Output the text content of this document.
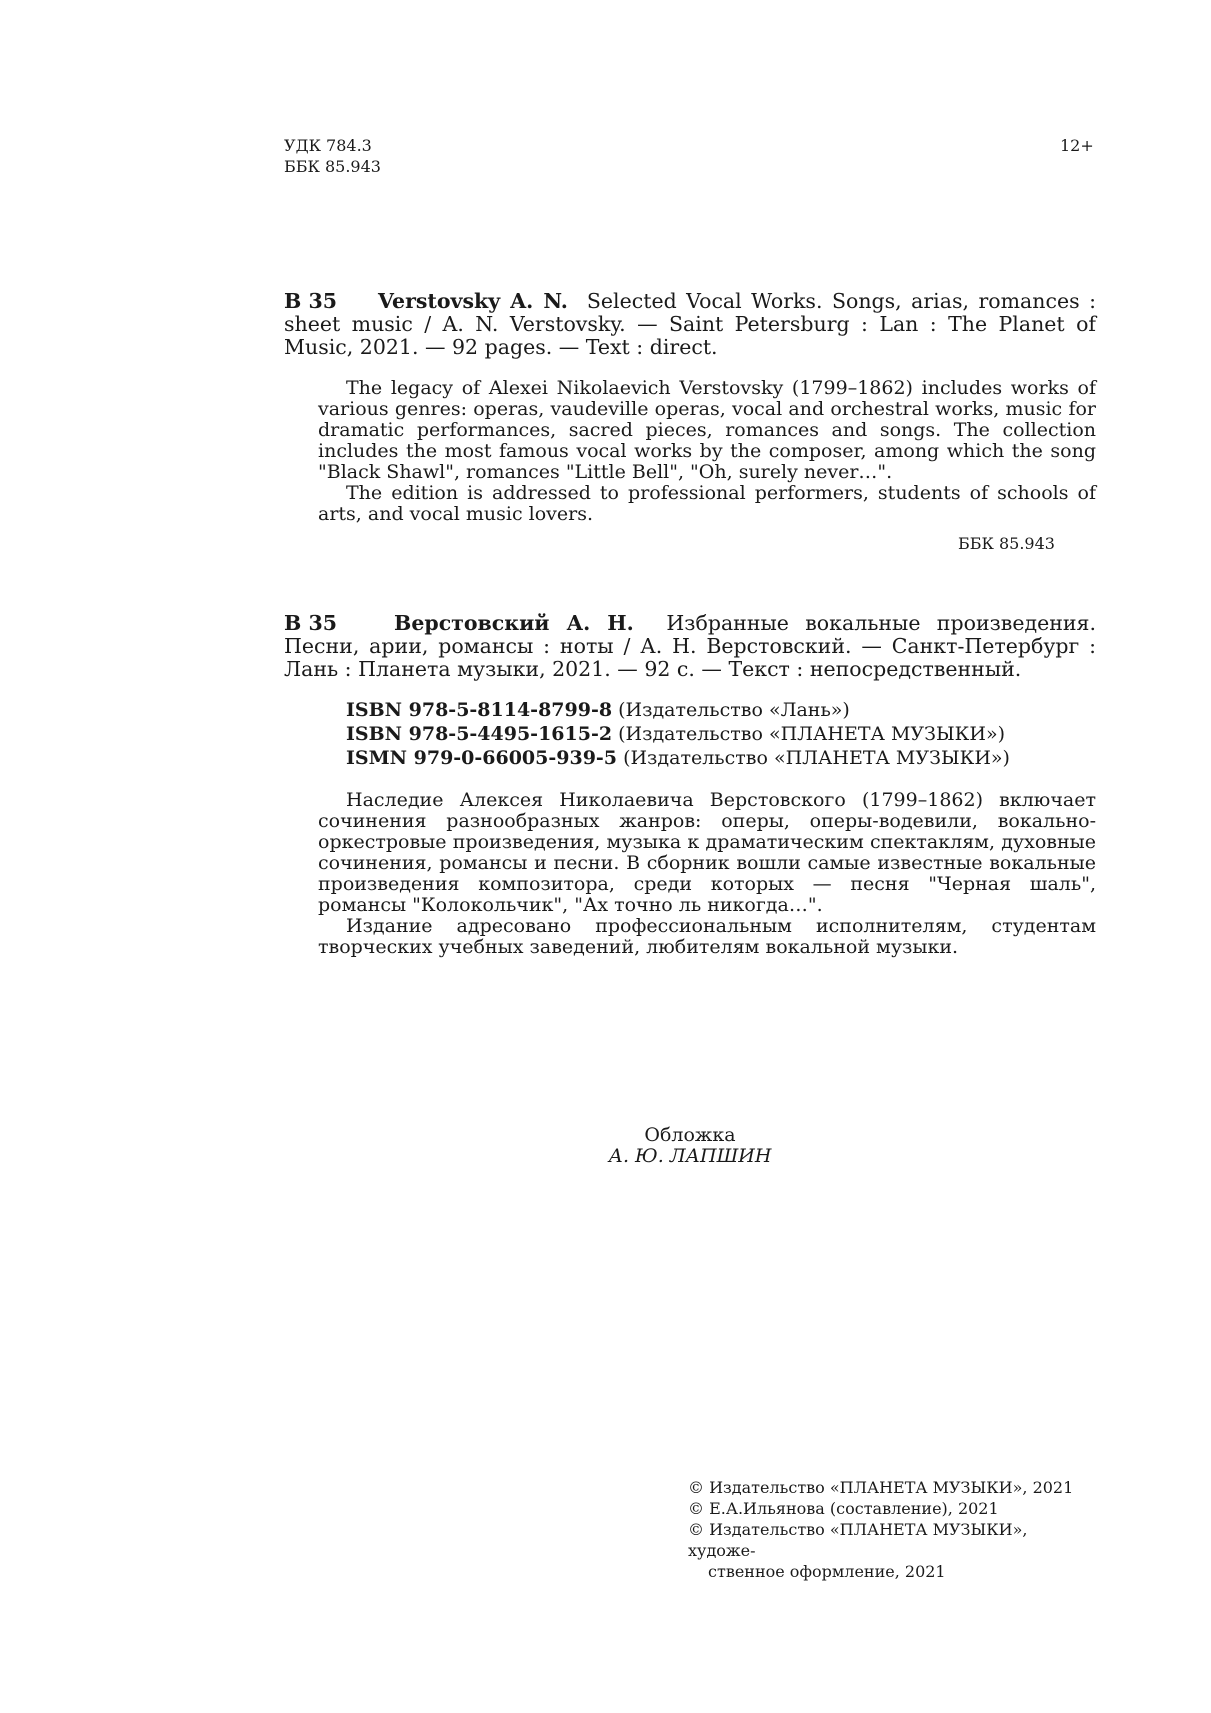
УДК 784.3
ББК 85.943
12+
В 35 Verstovsky A. N. Selected Vocal Works. Songs, arias, romances : sheet music / A. N. Verstovsky. — Saint Petersburg : Lan : The Planet of Music, 2021. — 92 pages. — Text : direct.

The legacy of Alexei Nikolaevich Verstovsky (1799–1862) includes works of various genres: operas, vaudeville operas, vocal and orchestral works, music for dramatic performances, sacred pieces, romances and songs. The collection includes the most famous vocal works by the composer, among which the song "Black Shawl", romances "Little Bell", "Oh, surely never…".

The edition is addressed to professional performers, students of schools of arts, and vocal music lovers.

ББК 85.943
В 35	Верстовский А. Н. Избранные вокальные произведения. Песни, арии, романсы : ноты / А. Н. Верстовский. — Санкт-Петербург : Лань : Планета музыки, 2021. — 92 с. — Текст : непосредственный.
ISBN 978-5-8114-8799-8 (Издательство «Лань»)
ISBN 978-5-4495-1615-2 (Издательство «ПЛАНЕТА МУЗЫКИ»)
ISMN 979-0-66005-939-5 (Издательство «ПЛАНЕТА МУЗЫКИ»)

Наследие Алексея Николаевича Верстовского (1799–1862) включает сочинения разнообразных жанров: оперы, оперы-водевили, вокально-оркестровые произведения, музыка к драматическим спектаклям, духовные сочинения, романсы и песни. В сборник вошли самые известные вокальные произведения композитора, среди которых — песня "Черная шаль", романсы "Колокольчик", "Ах точно ль никогда…".

Издание адресовано профессиональным исполнителям, студентам творческих учебных заведений, любителям вокальной музыки.

Обложка
А. Ю. ЛАПШИН
© Издательство «ПЛАНЕТА МУЗЫКИ», 2021
© Е.А.Ильянова (составление), 2021
© Издательство «ПЛАНЕТА МУЗЫКИ», художе-
ственное оформление, 2021
